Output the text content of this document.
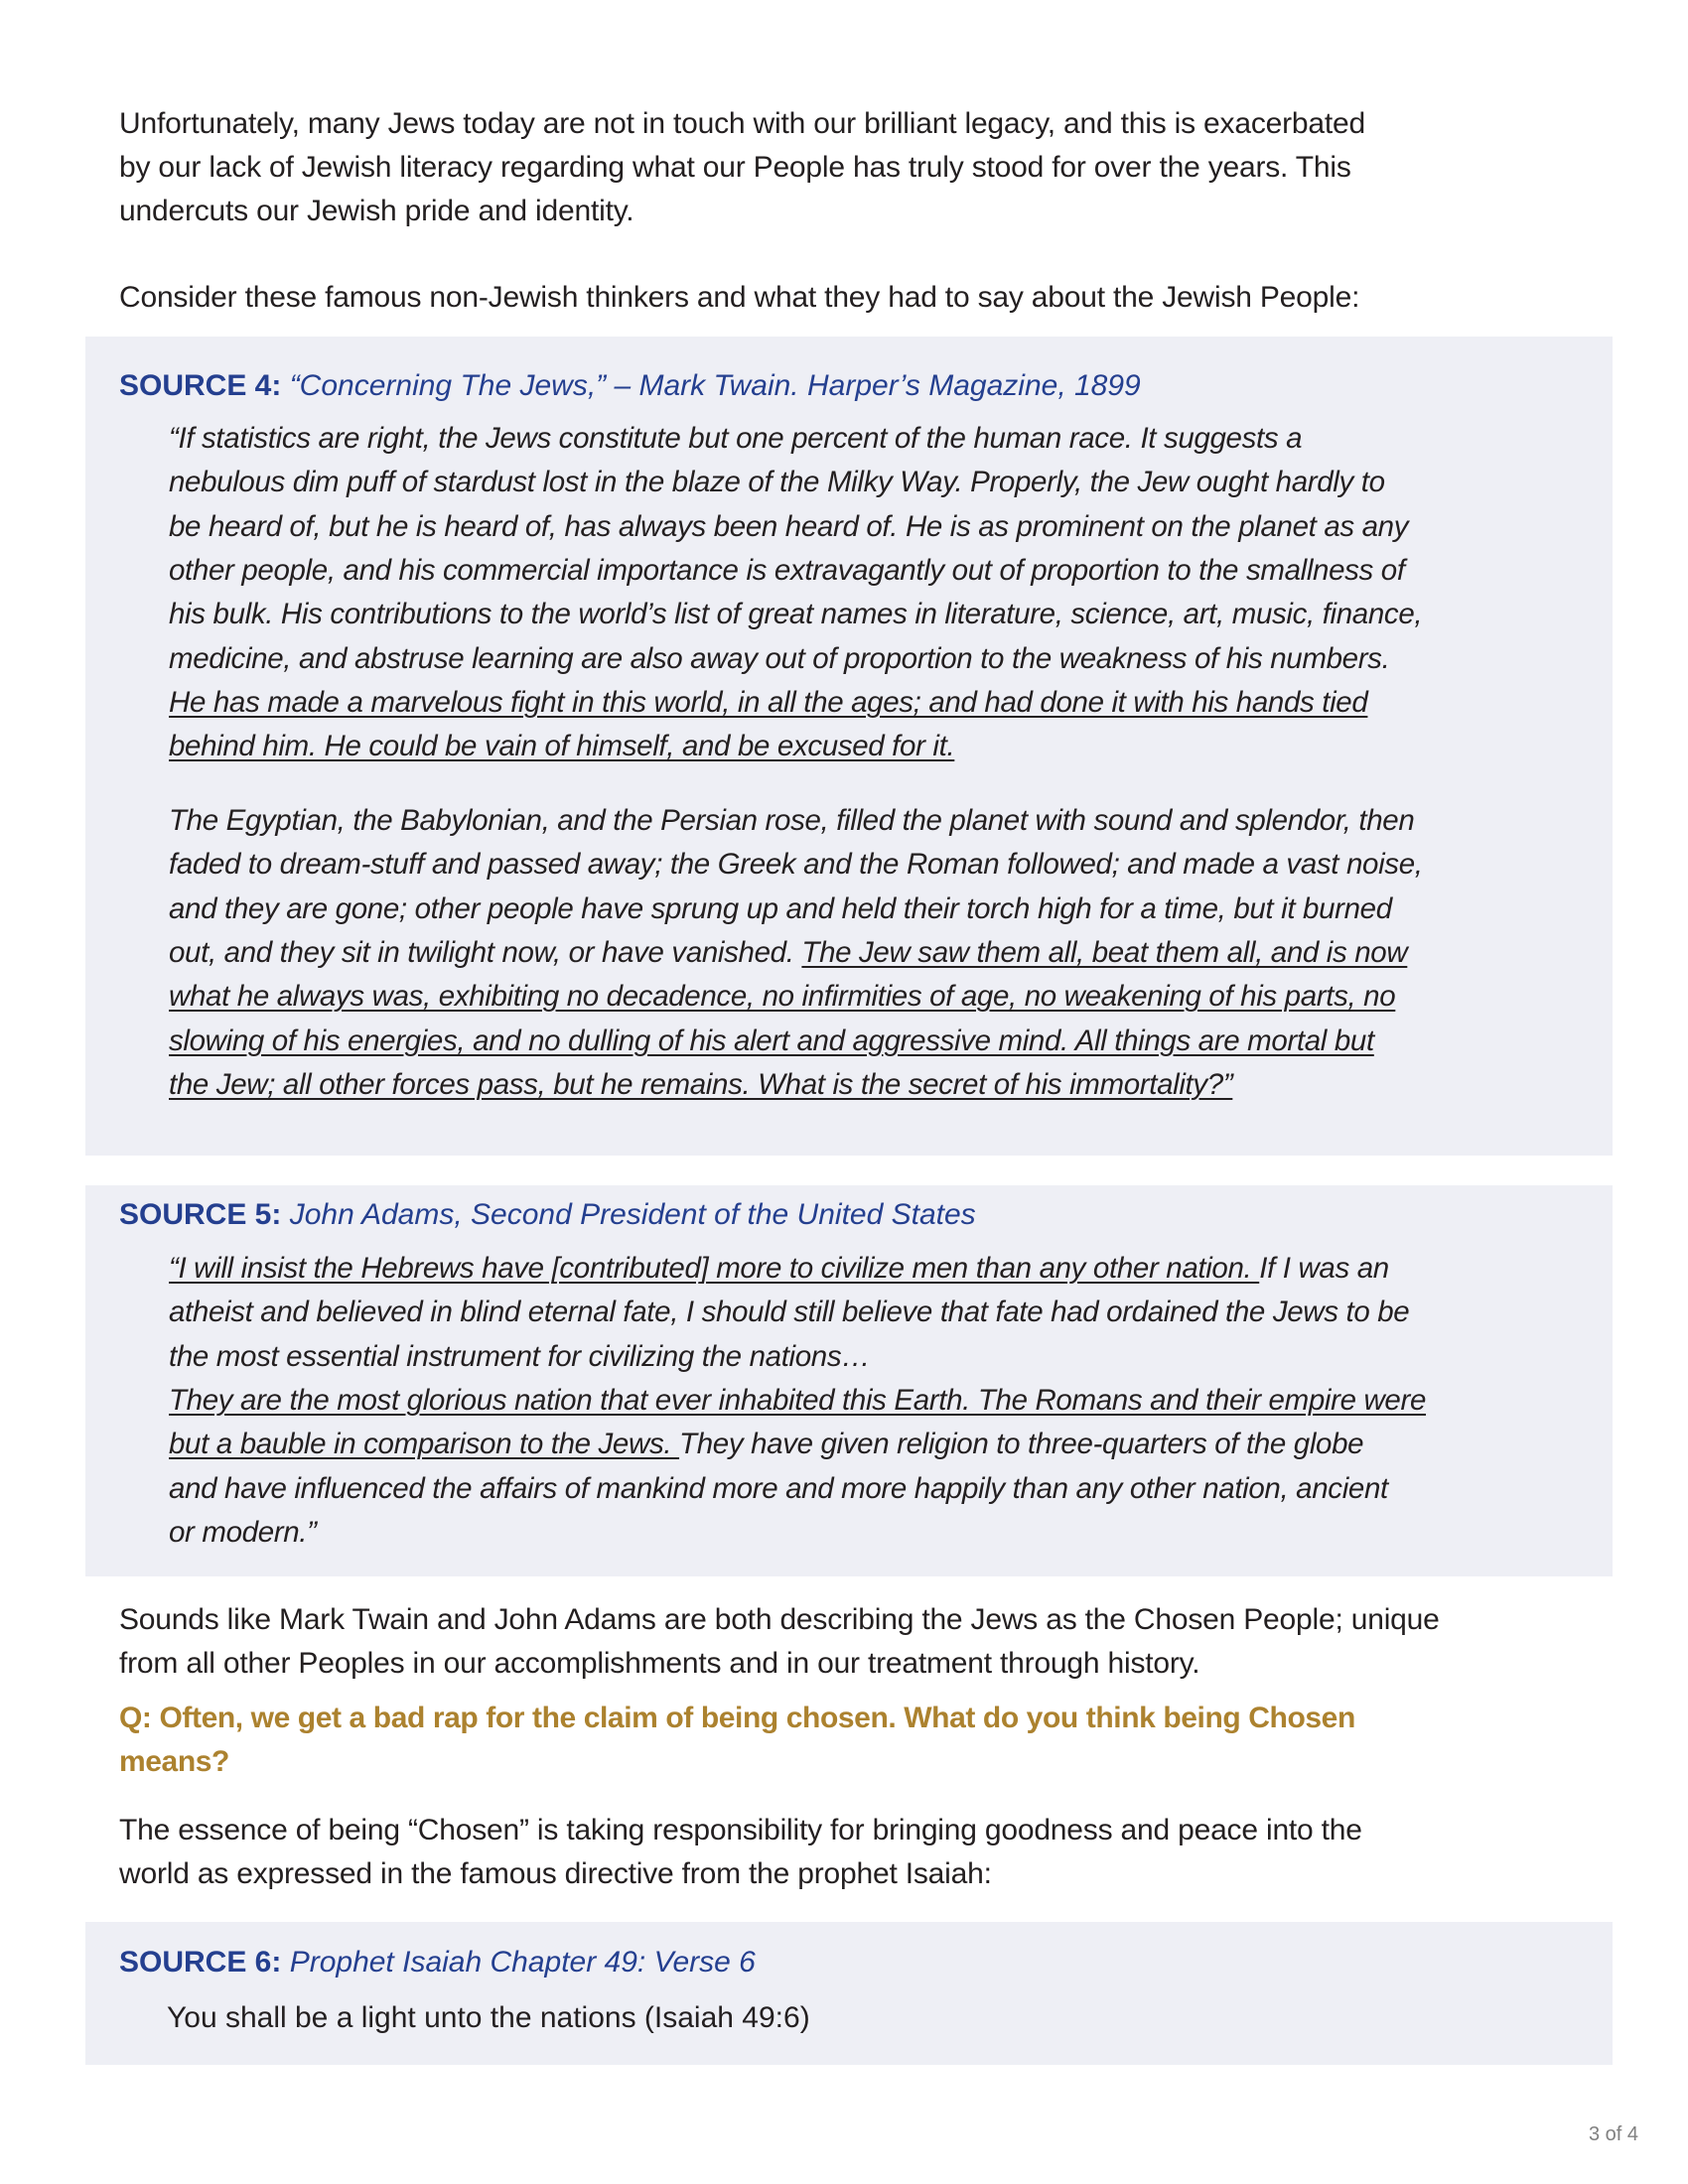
Unfortunately, many Jews today are not in touch with our brilliant legacy, and this is exacerbated
by our lack of Jewish literacy regarding what our People has truly stood for over the years. This
undercuts our Jewish pride and identity.
Consider these famous non-Jewish thinkers and what they had to say about the Jewish People:
SOURCE 4: “Concerning The Jews,” – Mark Twain. Harper’s Magazine, 1899
“If statistics are right, the Jews constitute but one percent of the human race. It suggests a
nebulous dim puff of stardust lost in the blaze of the Milky Way. Properly, the Jew ought hardly to
be heard of, but he is heard of, has always been heard of. He is as prominent on the planet as any
other people, and his commercial importance is extravagantly out of proportion to the smallness of
his bulk. His contributions to the world’s list of great names in literature, science, art, music, finance,
medicine, and abstruse learning are also away out of proportion to the weakness of his numbers.
He has made a marvelous fight in this world, in all the ages; and had done it with his hands tied
behind him. He could be vain of himself, and be excused for it.
The Egyptian, the Babylonian, and the Persian rose, filled the planet with sound and splendor, then
faded to dream-stuff and passed away; the Greek and the Roman followed; and made a vast noise,
and they are gone; other people have sprung up and held their torch high for a time, but it burned
out, and they sit in twilight now, or have vanished. The Jew saw them all, beat them all, and is now
what he always was, exhibiting no decadence, no infirmities of age, no weakening of his parts, no
slowing of his energies, and no dulling of his alert and aggressive mind. All things are mortal but
the Jew; all other forces pass, but he remains. What is the secret of his immortality?”
SOURCE 5: John Adams, Second President of the United States
“I will insist the Hebrews have [contributed] more to civilize men than any other nation. If I was an
atheist and believed in blind eternal fate, I should still believe that fate had ordained the Jews to be
the most essential instrument for civilizing the nations…
They are the most glorious nation that ever inhabited this Earth. The Romans and their empire were
but a bauble in comparison to the Jews. They have given religion to three-quarters of the globe
and have influenced the affairs of mankind more and more happily than any other nation, ancient
or modern.”
Sounds like Mark Twain and John Adams are both describing the Jews as the Chosen People; unique
from all other Peoples in our accomplishments and in our treatment through history.
Q: Often, we get a bad rap for the claim of being chosen. What do you think being Chosen
means?
The essence of being “Chosen” is taking responsibility for bringing goodness and peace into the
world as expressed in the famous directive from the prophet Isaiah:
SOURCE 6: Prophet Isaiah Chapter 49: Verse 6
You shall be a light unto the nations (Isaiah 49:6)
3 of 4
